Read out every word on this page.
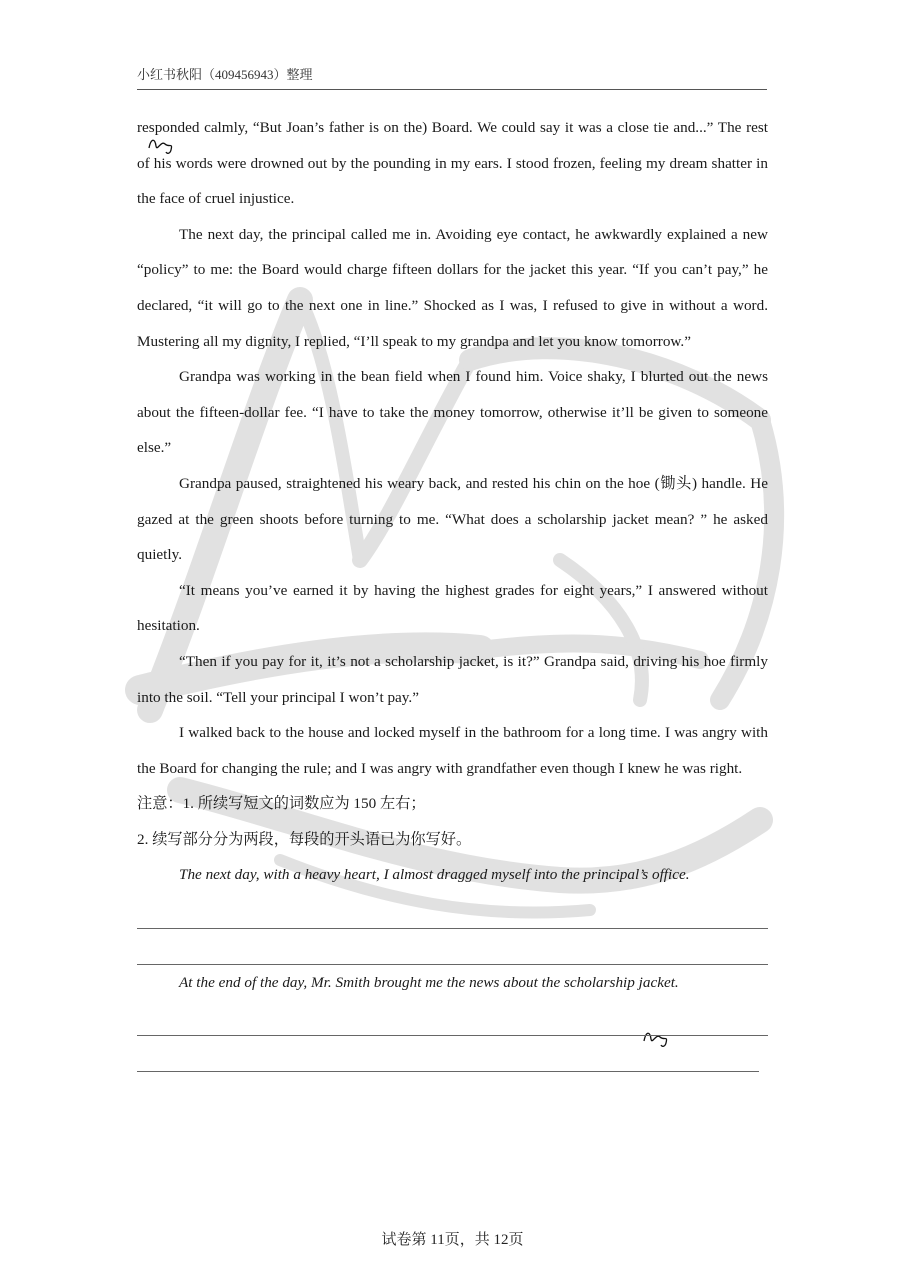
小红书秋阳（409456943）整理

responded calmly, “But Joan’s father is on the) Board. We could say it was a close tie and...” The rest of his words were drowned out by the pounding in my ears. I stood frozen, feeling my dream shatter in the face of cruel injustice.

The next day, the principal called me in. Avoiding eye contact, he awkwardly explained a new “policy” to me: the Board would charge fifteen dollars for the jacket this year. “If you can’t pay,” he declared, “it will go to the next one in line.” Shocked as I was, I refused to give in without a word. Mustering all my dignity, I replied, “I’ll speak to my grandpa and let you know tomorrow.”

Grandpa was working in the bean field when I found him. Voice shaky, I blurted out the news about the fifteen-dollar fee. “I have to take the money tomorrow, otherwise it’ll be given to someone else.”

Grandpa paused, straightened his weary back, and rested his chin on the hoe (锄头) handle. He gazed at the green shoots before turning to me. “What does a scholarship jacket mean? ” he asked quietly.

“It means you’ve earned it by having the highest grades for eight years,” I answered without hesitation.

“Then if you pay for it, it’s not a scholarship jacket, is it?” Grandpa said, driving his hoe firmly into the soil. “Tell your principal I won’t pay.”

I walked back to the house and locked myself in the bathroom for a long time. I was angry with the Board for changing the rule; and I was angry with grandfather even though I knew he was right.

注意：1. 所续写短文的词数应为 150 左右；

2. 续写部分分为两段，每段的开头语已为你写好。

The next day, with a heavy heart, I almost dragged myself into the principal’s office.

At the end of the day, Mr. Smith brought me the news about the scholarship jacket.

试卷第 11页，共 12页
